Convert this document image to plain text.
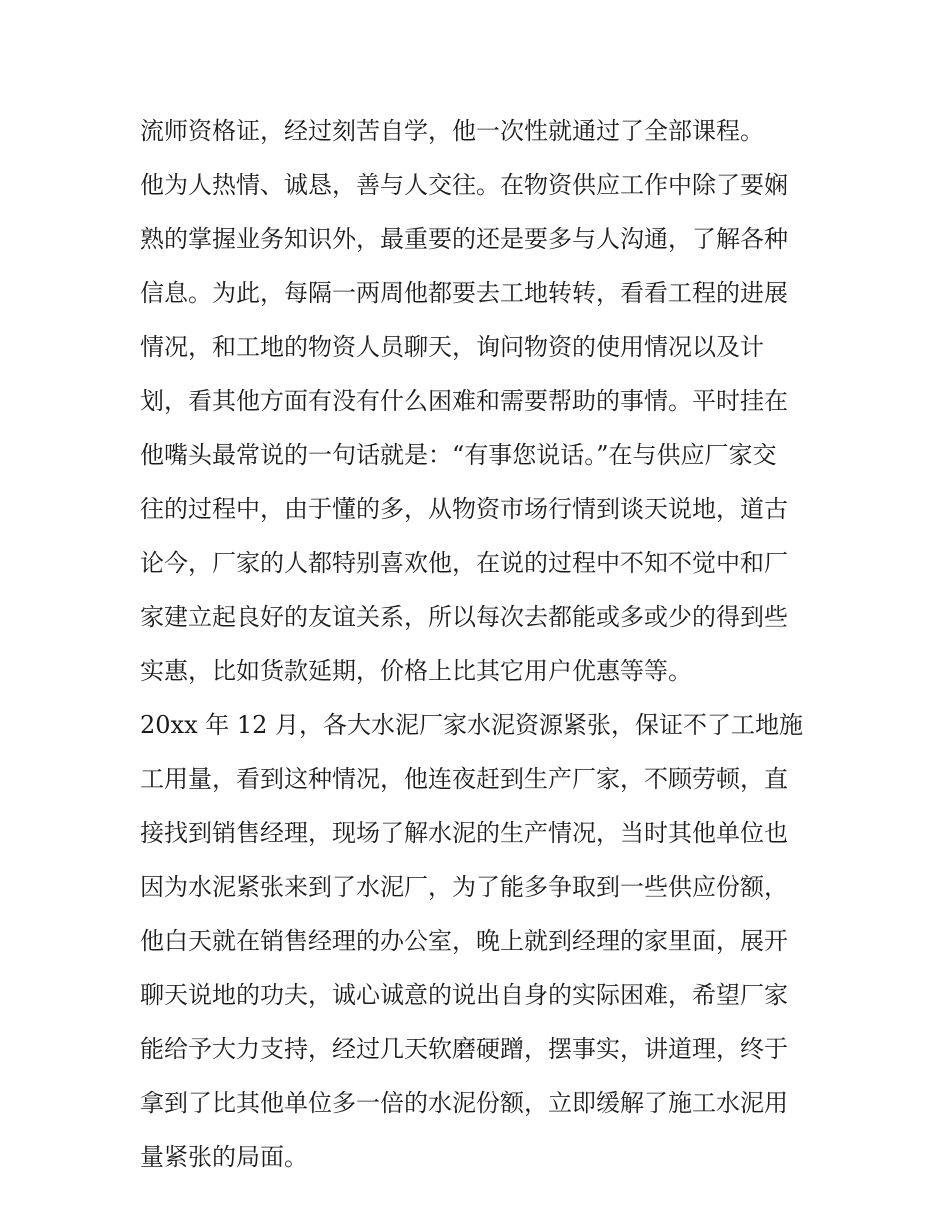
流师资格证，经过刻苦自学，他一次性就通过了全部课程。
他为人热情、诚恳，善与人交往。在物资供应工作中除了要娴
熟的掌握业务知识外，最重要的还是要多与人沟通，了解各种
信息。为此，每隔一两周他都要去工地转转，看看工程的进展
情况，和工地的物资人员聊天，询问物资的使用情况以及计
划，看其他方面有没有什么困难和需要帮助的事情。平时挂在
他嘴头最常说的一句话就是：“有事您说话。”在与供应厂家交
往的过程中，由于懂的多，从物资市场行情到谈天说地，道古
论今，厂家的人都特别喜欢他，在说的过程中不知不觉中和厂
家建立起良好的友谊关系，所以每次去都能或多或少的得到些
实惠，比如货款延期，价格上比其它用户优惠等等。
20xx 年 12 月，各大水泥厂家水泥资源紧张，保证不了工地施
工用量，看到这种情况，他连夜赶到生产厂家，不顾劳顿，直
接找到销售经理，现场了解水泥的生产情况，当时其他单位也
因为水泥紧张来到了水泥厂，为了能多争取到一些供应份额，
他白天就在销售经理的办公室，晚上就到经理的家里面，展开
聊天说地的功夫，诚心诚意的说出自身的实际困难，希望厂家
能给予大力支持，经过几天软磨硬蹭，摆事实，讲道理，终于
拿到了比其他单位多一倍的水泥份额，立即缓解了施工水泥用
量紧张的局面。
